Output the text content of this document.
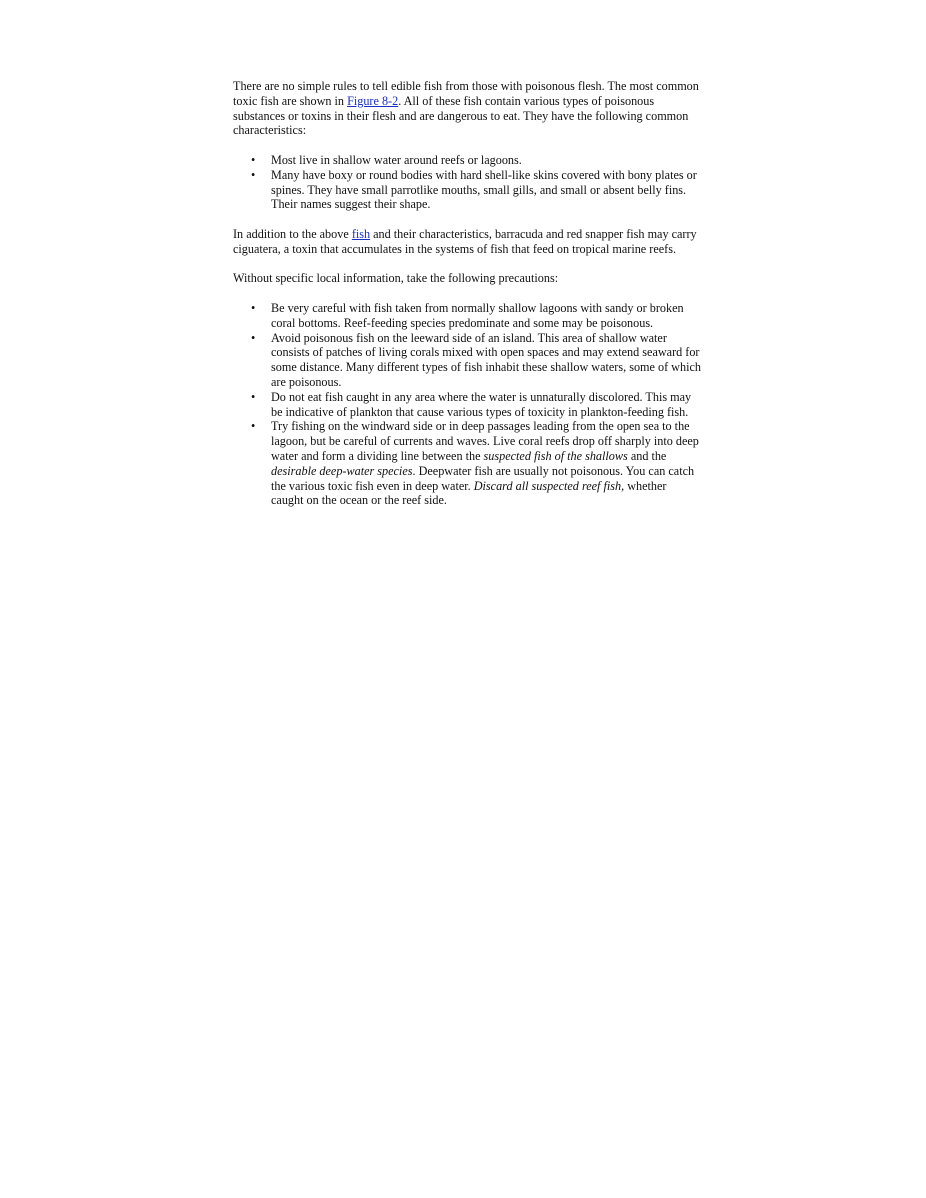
There are no simple rules to tell edible fish from those with poisonous flesh. The most common toxic fish are shown in Figure 8-2. All of these fish contain various types of poisonous substances or toxins in their flesh and are dangerous to eat. They have the following common characteristics:

• Most live in shallow water around reefs or lagoons.
• Many have boxy or round bodies with hard shell-like skins covered with bony plates or spines. They have small parrotlike mouths, small gills, and small or absent belly fins. Their names suggest their shape.

In addition to the above fish and their characteristics, barracuda and red snapper fish may carry ciguatera, a toxin that accumulates in the systems of fish that feed on tropical marine reefs.

Without specific local information, take the following precautions:

• Be very careful with fish taken from normally shallow lagoons with sandy or broken coral bottoms. Reef-feeding species predominate and some may be poisonous.
• Avoid poisonous fish on the leeward side of an island. This area of shallow water consists of patches of living corals mixed with open spaces and may extend seaward for some distance. Many different types of fish inhabit these shallow waters, some of which are poisonous.
• Do not eat fish caught in any area where the water is unnaturally discolored. This may be indicative of plankton that cause various types of toxicity in plankton-feeding fish.
• Try fishing on the windward side or in deep passages leading from the open sea to the lagoon, but be careful of currents and waves. Live coral reefs drop off sharply into deep water and form a dividing line between the suspected fish of the shallows and the desirable deep-water species. Deepwater fish are usually not poisonous. You can catch the various toxic fish even in deep water. Discard all suspected reef fish, whether caught on the ocean or the reef side.
